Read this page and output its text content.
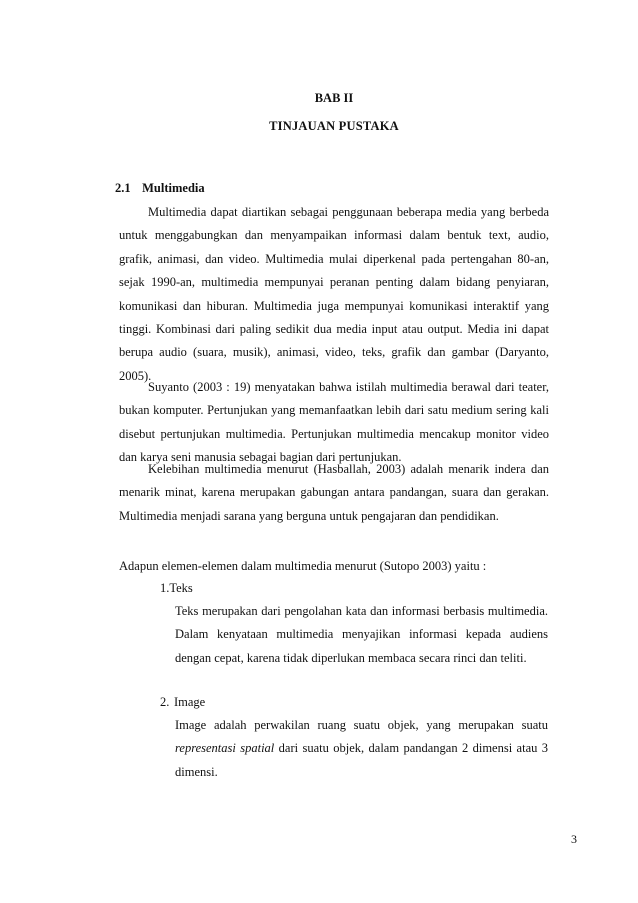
BAB II
TINJAUAN PUSTAKA
2.1 Multimedia

Multimedia dapat diartikan sebagai penggunaan beberapa media yang berbeda untuk menggabungkan dan menyampaikan informasi dalam bentuk text, audio, grafik, animasi, dan video. Multimedia mulai diperkenal pada pertengahan 80-an, sejak 1990-an, multimedia mempunyai peranan penting dalam bidang penyiaran, komunikasi dan hiburan. Multimedia juga mempunyai komunikasi interaktif yang tinggi. Kombinasi dari paling sedikit dua media input atau output. Media ini dapat berupa audio (suara, musik), animasi, video, teks, grafik dan gambar (Daryanto, 2005).

Suyanto (2003 : 19) menyatakan bahwa istilah multimedia berawal dari teater, bukan komputer. Pertunjukan yang memanfaatkan lebih dari satu medium sering kali disebut pertunjukan multimedia. Pertunjukan multimedia mencakup monitor video dan karya seni manusia sebagai bagian dari pertunjukan.

Kelebihan multimedia menurut (Hasballah, 2003) adalah menarik indera dan menarik minat, karena merupakan gabungan antara pandangan, suara dan gerakan. Multimedia menjadi sarana yang berguna untuk pengajaran dan pendidikan.

Adapun elemen-elemen dalam multimedia menurut (Sutopo 2003) yaitu :
1.Teks

Teks merupakan dari pengolahan kata dan informasi berbasis multimedia. Dalam kenyataan multimedia menyajikan informasi kepada audiens dengan cepat, karena tidak diperlukan membaca secara rinci dan teliti.

2. Image

Image adalah perwakilan ruang suatu objek, yang merupakan suatu representasi spatial dari suatu objek, dalam pandangan 2 dimensi atau 3 dimensi.

3
